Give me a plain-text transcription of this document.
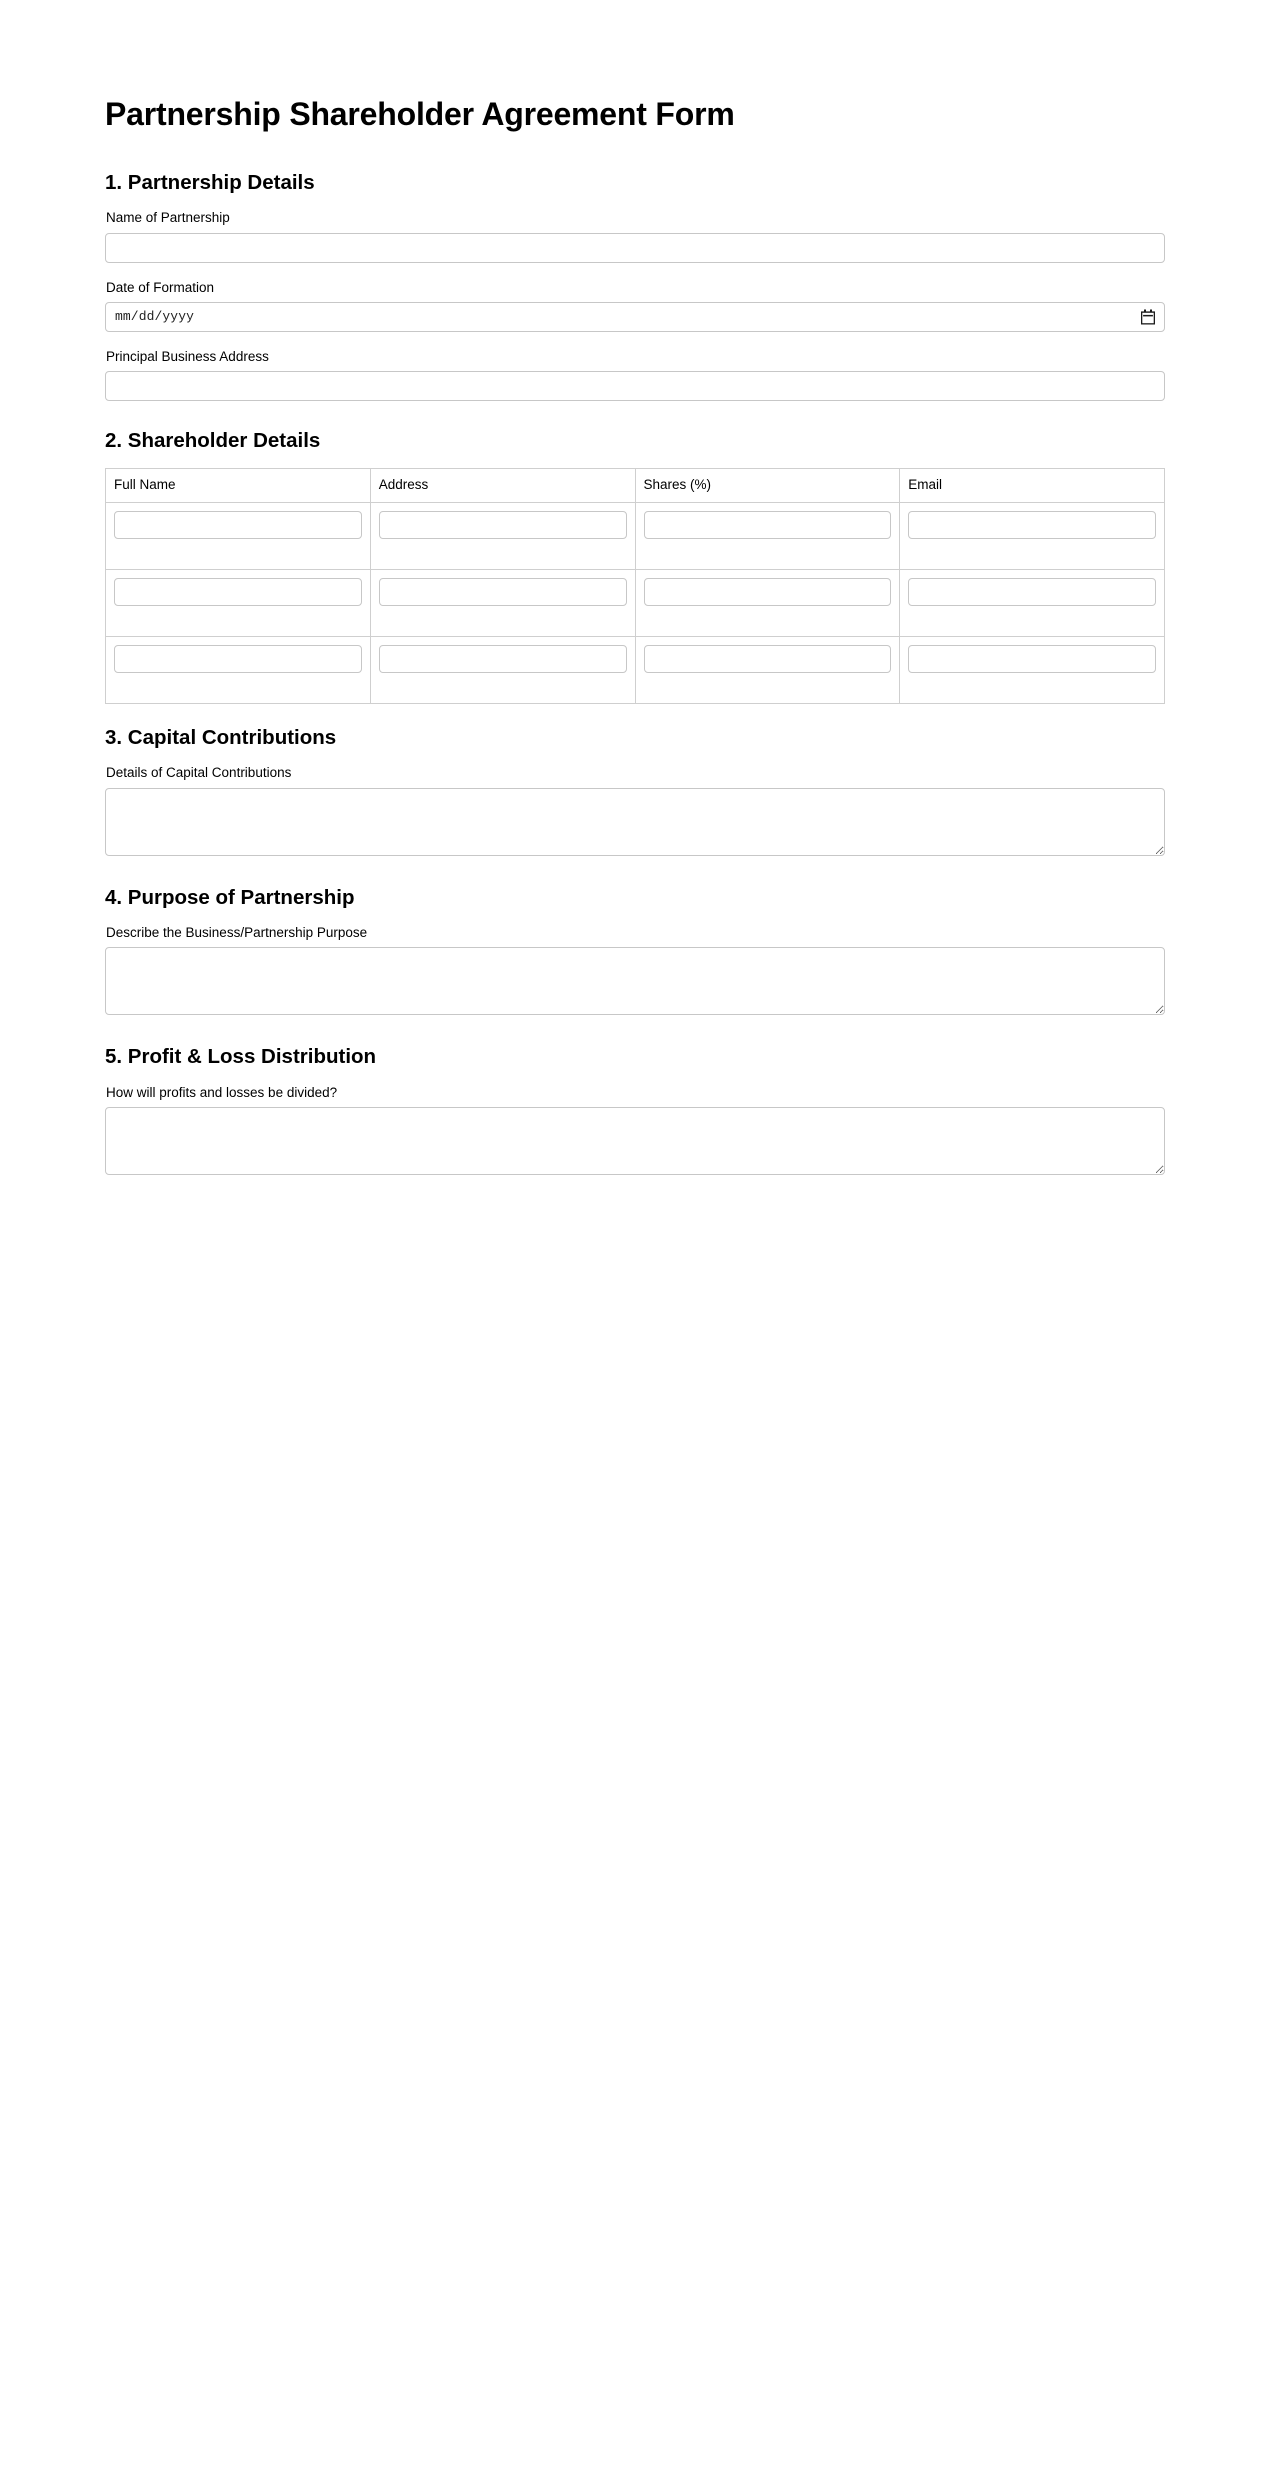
Partnership Shareholder Agreement Form
1. Partnership Details
Name of Partnership
Date of Formation
mm/dd/yyyy
Principal Business Address
2. Shareholder Details
Full Name	Address	Shares (%)	Email

3. Capital Contributions
Details of Capital Contributions
4. Purpose of Partnership
Describe the Business/Partnership Purpose
5. Profit & Loss Distribution
How will profits and losses be divided?
